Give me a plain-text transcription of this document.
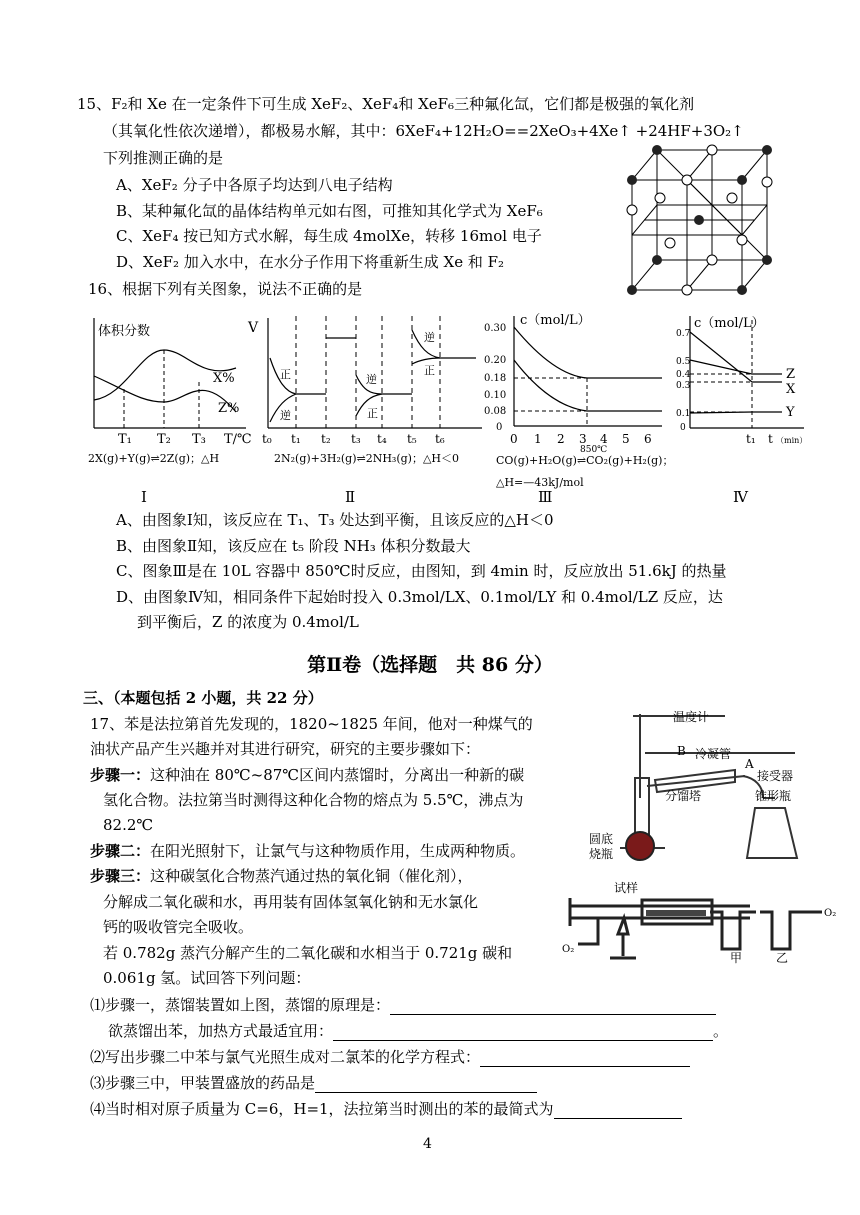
15、F₂和 Xe 在一定条件下可生成 XeF₂、XeF₄和 XeF₆三种氟化氙，它们都是极强的氧化剂
（其氧化性依次递增），都极易水解，其中：6XeF₄+12H₂O==2XeO₃+4Xe↑ +24HF+3O₂↑
下列推测正确的是
A、XeF₂ 分子中各原子均达到八电子结构
B、某种氟化氙的晶体结构单元如右图，可推知其化学式为 XeF₆
C、XeF₄ 按已知方式水解，每生成 4molXe，转移 16mol 电子
D、XeF₂ 加入水中，在水分子作用下将重新生成 Xe 和 F₂
16、根据下列有关图象，说法不正确的是
体积分数
X%
Z%
T₁ T₂ T₃ T/℃
2X(g)+Y(g)⇌2Z(g)；△H
V
正
逆
逆
正
逆
正
t₀ t₁ t₂ t₃ t₄ t₅ t₆
2N₂(g)+3H₂(g)⇌2NH₃(g)；△H＜0
c（mol/L）
0.30
0.20
0.18
0.10
0.08
0
0 1 2 3 4 5 6
850℃
CO(g)+H₂O(g)⇌CO₂(g)+H₂(g)；
△H=—43kJ/mol
c（mol/L）
0.7
0.5
0.4
0.3
0.1
0
Z
X
Y
t₁ t （min）
Ⅰ	Ⅱ	Ⅲ	Ⅳ
A、由图象Ⅰ知，该反应在 T₁、T₃ 处达到平衡，且该反应的△H＜0
B、由图象Ⅱ知，该反应在 t₅ 阶段 NH₃ 体积分数最大
C、图象Ⅲ是在 10L 容器中 850℃时反应，由图知，到 4min 时，反应放出 51.6kJ 的热量
D、由图象Ⅳ知，相同条件下起始时投入 0.3mol/LX、0.1mol/LY 和 0.4mol/LZ 反应，达
到平衡后，Z 的浓度为 0.4mol/L
第Ⅱ卷（选择题　共 86 分）
三、（本题包括 2 小题，共 22 分）
17、苯是法拉第首先发现的，1820~1825 年间，他对一种煤气的
油状产品产生兴趣并对其进行研究，研究的主要步骤如下：
步骤一：这种油在 80℃~87℃区间内蒸馏时，分离出一种新的碳
氢化合物。法拉第当时测得这种化合物的熔点为 5.5℃，沸点为
82.2℃
步骤二：在阳光照射下，让氯气与这种物质作用，生成两种物质。
步骤三：这种碳氢化合物蒸汽通过热的氧化铜（催化剂），
分解成二氧化碳和水，再用装有固体氢氧化钠和无水氯化
钙的吸收管完全吸收。
若 0.782g 蒸汽分解产生的二氧化碳和水相当于 0.721g 碳和
0.061g 氢。试回答下列问题：
⑴步骤一，蒸馏装置如上图，蒸馏的原理是：
欲蒸馏出苯，加热方式最适宜用：	。
⑵写出步骤二中苯与氯气光照生成对二氯苯的化学方程式：
⑶步骤三中，甲装置盛放的药品是
⑷当时相对原子质量为 C=6，H=1，法拉第当时测出的苯的最简式为
温度计
B 冷凝管
A
接受器
锥形瓶
分馏塔
圆底
烧瓶
试样
O₂
O₂
甲	乙
4
